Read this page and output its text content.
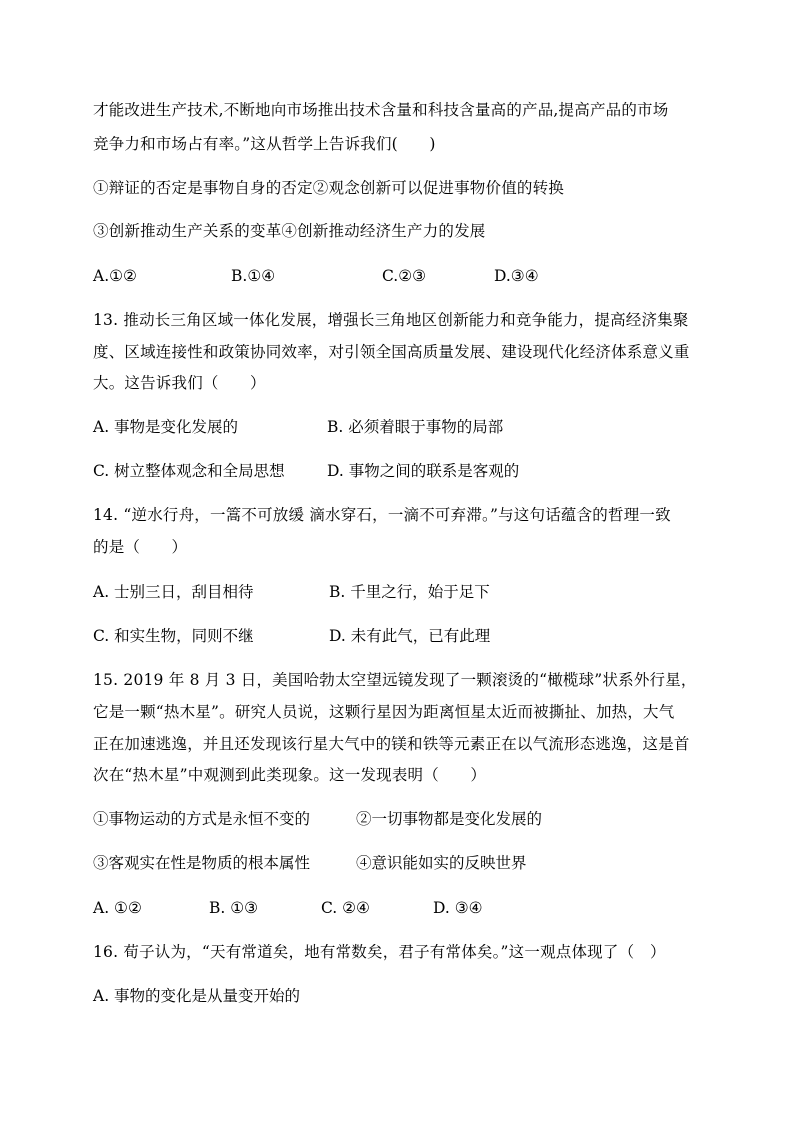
才能改进生产技术,不断地向市场推出技术含量和科技含量高的产品,提高产品的市场
竞争力和市场占有率。”这从哲学上告诉我们(　　)
①辩证的否定是事物自身的否定②观念创新可以促进事物价值的转换
③创新推动生产关系的变革④创新推动经济生产力的发展
A.①②	B.①④	C.②③	D.③④
13. 推动长三角区域一体化发展，增强长三角地区创新能力和竞争能力，提高经济集聚
度、区域连接性和政策协同效率，对引领全国高质量发展、建设现代化经济体系意义重
大。这告诉我们（　　）
A. 事物是变化发展的	B. 必须着眼于事物的局部
C. 树立整体观念和全局思想	D. 事物之间的联系是客观的
14. “逆水行舟，一篙不可放缓 滴水穿石，一滴不可弃滞。”与这句话蕴含的哲理一致
的是（　　）
A. 士别三日，刮目相待	B. 千里之行，始于足下
C. 和实生物，同则不继	D. 未有此气，已有此理
15. 2019 年 8 月 3 日，美国哈勃太空望远镜发现了一颗滚烫的“橄榄球”状系外行星，
它是一颗“热木星”。研究人员说，这颗行星因为距离恒星太近而被撕扯、加热，大气
正在加速逃逸，并且还发现该行星大气中的镁和铁等元素正在以气流形态逃逸，这是首
次在“热木星”中观测到此类现象。这一发现表明（　　）
①事物运动的方式是永恒不变的	②一切事物都是变化发展的
③客观实在性是物质的根本属性	④意识能如实的反映世界
A. ①②	B. ①③	C. ②④	D. ③④
16. 荀子认为，“天有常道矣，地有常数矣，君子有常体矣。”这一观点体现了（　）
A. 事物的变化是从量变开始的
